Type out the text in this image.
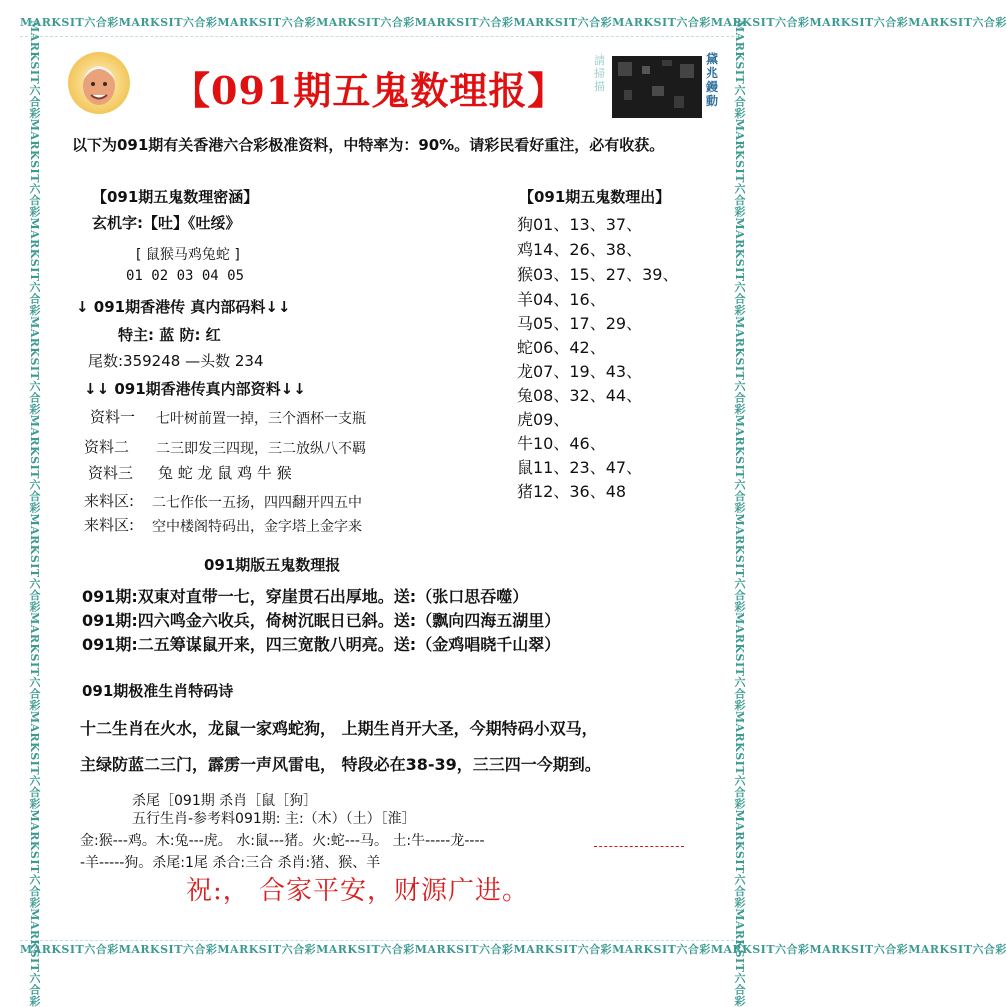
MARKSIT六合彩MARKSIT六合彩MARKSIT六合彩MARKSIT六合彩MARKSIT六合彩MARKSIT六合彩MARKSIT六合彩MARKSIT六合彩MARKSIT六合彩MARKSIT六合彩
MARKSIT六合彩MARKSIT六合彩MARKSIT六合彩MARKSIT六合彩MARKSIT六合彩MARKSIT六合彩MARKSIT六合彩MARKSIT六合彩MARKSIT六合彩MARKSIT六合彩
MARKSIT六合彩MARKSIT六合彩MARKSIT六合彩MARKSIT六合彩MARKSIT六合彩MARKSIT六合彩MARKSIT六合彩MARKSIT六合彩MARKSIT六合彩MARKSIT六合彩	MARKSIT六合彩MARKSIT六合彩MARKSIT六合彩MARKSIT六合彩MARKSIT六合彩MARKSIT六合彩MARKSIT六合彩MARKSIT六合彩MARKSIT六合彩MARKSIT六合彩
【091期五鬼数理报】
請掃描
黛兆鏝動
以下为091期有关香港六合彩极准资料，中特率为：90%。请彩民看好重注，必有收获。
【091期五鬼数理密涵】
玄机字:【吐】《吐绥》
[ 鼠猴马鸡兔蛇 ]
01 02 03 04 05
↓ 091期香港传 真内部码料↓↓
特主: 蓝 防: 红
尾数:359248 —头数 234
↓↓ 091期香港传真内部资料↓↓
资料一 七叶树前置一掉，三个酒杯一支瓶
资料二 二三即发三四现，三二放纵八不羁
资料三 兔 蛇 龙 鼠 鸡 牛 猴
来料区: 二七作伥一五扬，四四翻开四五中
来料区: 空中楼阁特码出，金字塔上金字来
【091期五鬼数理出】
狗01、13、37、
鸡14、26、38、
猴03、15、27、39、
羊04、16、
马05、17、29、
蛇06、42、
龙07、19、43、
兔08、32、44、
虎09、
牛10、46、
鼠11、23、47、
猪12、36、48
091期版五鬼数理报
091期:双東对直带一七，穿崖贯石出厚地。送:（张口思吞噬）
091期:四六鸣金六收兵，倚树沉眠日已斜。送:（飘向四海五湖里）
091期:二五筹谋鼠开来，四三宽散八明亮。送:（金鸡唱晓千山翠）
091期极准生肖特码诗
十二生肖在火水，龙鼠一家鸡蛇狗， 上期生肖开大圣，今期特码小双马，
主绿防蓝二三门，霹雳一声风雷电， 特段必在38-39，三三四一今期到。
杀尾［091期 杀肖［鼠［狗］
五行生肖-参考料091期: 主:（木）（土）［淮］
金:猴---鸡。木:兔---虎。 水:鼠---猪。火:蛇---马。 土:牛-----龙----
-羊-----狗。杀尾:1尾 杀合:三合 杀肖:猪、猴、羊
祝:， 合家平安，财源广进。
